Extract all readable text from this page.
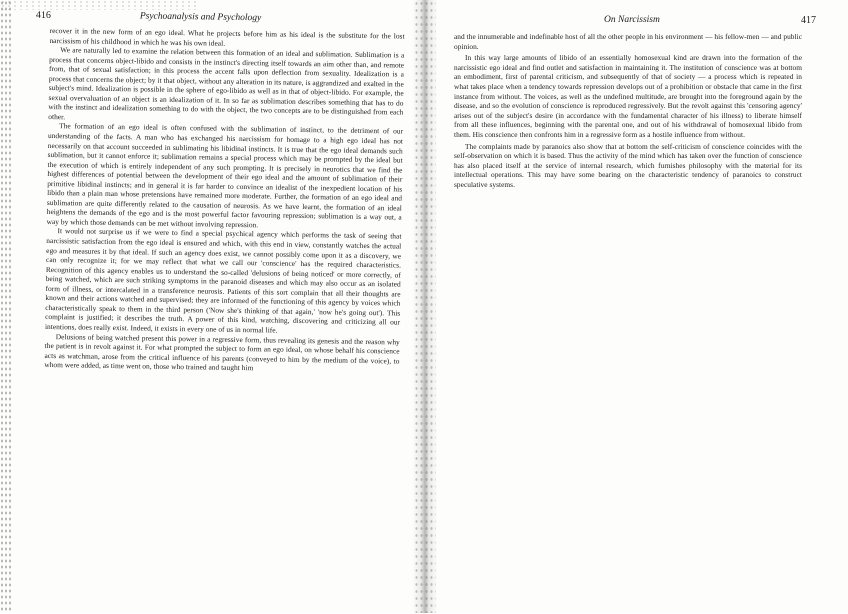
416	Psychoanalysis and Psychology

recover it in the new form of an ego ideal. What he projects before him as his ideal is the substitute for the lost narcissism of his childhood in which he was his own ideal.

We are naturally led to examine the relation between this formation of an ideal and sublimation. Sublimation is a process that concerns object-libido and consists in the instinct's directing itself towards an aim other than, and remote from, that of sexual satisfaction; in this process the accent falls upon deflection from sexuality. Idealization is a process that concerns the object; by it that object, without any alteration in its nature, is aggrandized and exalted in the subject's mind. Idealization is possible in the sphere of ego-libido as well as in that of object-libido. For example, the sexual overvaluation of an object is an idealization of it. In so far as sublimation describes something that has to do with the instinct and idealization something to do with the object, the two concepts are to be distinguished from each other.

The formation of an ego ideal is often confused with the sublimation of instinct, to the detriment of our understanding of the facts. A man who has exchanged his narcissism for homage to a high ego ideal has not necessarily on that account succeeded in sublimating his libidinal instincts. It is true that the ego ideal demands such sublimation, but it cannot enforce it; sublimation remains a special process which may be prompted by the ideal but the execution of which is entirely independent of any such prompting. It is precisely in neurotics that we find the highest differences of potential between the development of their ego ideal and the amount of sublimation of their primitive libidinal instincts; and in general it is far harder to convince an idealist of the inexpedient location of his libido than a plain man whose pretensions have remained more moderate. Further, the formation of an ego ideal and sublimation are quite differently related to the causation of neurosis. As we have learnt, the formation of an ideal heightens the demands of the ego and is the most powerful factor favouring repression; sublimation is a way out, a way by which those demands can be met without involving repression.

It would not surprise us if we were to find a special psychical agency which performs the task of seeing that narcissistic satisfaction from the ego ideal is ensured and which, with this end in view, constantly watches the actual ego and measures it by that ideal. If such an agency does exist, we cannot possibly come upon it as a discovery, we can only recognize it; for we may reflect that what we call our 'conscience' has the required characteristics. Recognition of this agency enables us to understand the so-called 'delusions of being noticed' or more correctly, of being watched, which are such striking symptoms in the paranoid diseases and which may also occur as an isolated form of illness, or intercalated in a transference neurosis. Patients of this sort complain that all their thoughts are known and their actions watched and supervised; they are informed of the functioning of this agency by voices which characteristically speak to them in the third person ('Now she's thinking of that again,' 'now he's going out'). This complaint is justified; it describes the truth. A power of this kind, watching, discovering and criticizing all our intentions, does really exist. Indeed, it exists in every one of us in normal life.

Delusions of being watched present this power in a regressive form, thus revealing its genesis and the reason why the patient is in revolt against it. For what prompted the subject to form an ego ideal, on whose behalf his conscience acts as watchman, arose from the critical influence of his parents (conveyed to him by the medium of the voice), to whom were added, as time went on, those who trained and taught him

On Narcissism	417

and the innumerable and indefinable host of all the other people in his environment — his fellow-men — and public opinion.

In this way large amounts of libido of an essentially homosexual kind are drawn into the formation of the narcissistic ego ideal and find outlet and satisfaction in maintaining it. The institution of conscience was at bottom an embodiment, first of parental criticism, and subsequently of that of society — a process which is repeated in what takes place when a tendency towards repression develops out of a prohibition or obstacle that came in the first instance from without. The voices, as well as the undefined multitude, are brought into the foreground again by the disease, and so the evolution of conscience is reproduced regressively. But the revolt against this 'censoring agency' arises out of the subject's desire (in accordance with the fundamental character of his illness) to liberate himself from all these influences, beginning with the parental one, and out of his withdrawal of homosexual libido from them. His conscience then confronts him in a regressive form as a hostile influence from without.

The complaints made by paranoics also show that at bottom the self-criticism of conscience coincides with the self-observation on which it is based. Thus the activity of the mind which has taken over the function of conscience has also placed itself at the service of internal research, which furnishes philosophy with the material for its intellectual operations. This may have some bearing on the characteristic tendency of paranoics to construct speculative systems.
